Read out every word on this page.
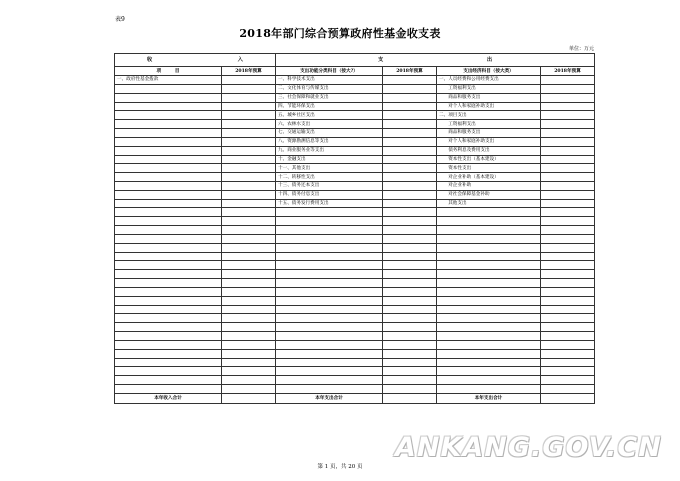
表9
2018年部门综合预算政府性基金收支表
单位：万元
收 入		支 出			

项　　　目	2018年预算	支出功能分类科目（按大?）	2018年预算	支出经济科目（按大类）	2018年预算
一、政府性基金拨款		一、科学技术支出		一、人员经费和公用经费支出	
		二、文化体育与传媒支出		　　工资福利支出	
		三、社会保障和就业支出		　　商品和服务支出	
		四、节能环保支出		　　对个人和家庭补助支出	
		五、城乡社区支出		二、项目支出	
		六、农林水支出		　　工资福利支出	
		七、交通运输支出		　　商品和服务支出	
		八、资源勘测信息等支出		　　对个人和家庭补助支出	
		九、商业服务业等支出		　　债务利息及费用支出	
		十、金融支出		　　资本性支出（基本建设）	
		十一、其他支出		　　资本性支出	
		十二、转移性支出		　　对企业补助（基本建设）	
		十三、债务还本支出		　　对企业补助	
		十四、债务付息支出		　　对社会保障基金补助	
		十五、债务发行费用支出		　　其他支出	

本年收入合计		本年支出合计		本年支出合计	
第 1 页，共 20 页
ANKANG.GOV.CN
